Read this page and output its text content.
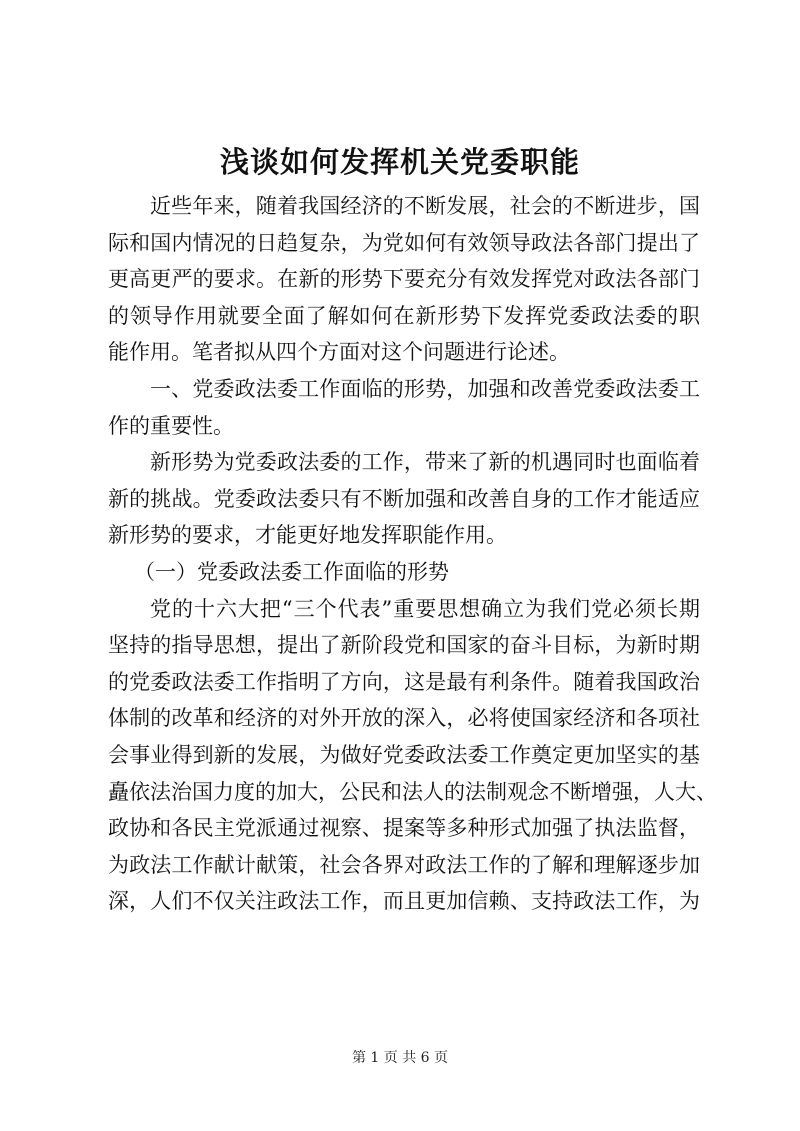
浅谈如何发挥机关党委职能
近些年来，随着我国经济的不断发展，社会的不断进步，国
际和国内情况的日趋复杂，为党如何有效领导政法各部门提出了
更高更严的要求。在新的形势下要充分有效发挥党对政法各部门
的领导作用就要全面了解如何在新形势下发挥党委政法委的职
能作用。笔者拟从四个方面对这个问题进行论述。
一、党委政法委工作面临的形势，加强和改善党委政法委工
作的重要性。
新形势为党委政法委的工作，带来了新的机遇同时也面临着
新的挑战。党委政法委只有不断加强和改善自身的工作才能适应
新形势的要求，才能更好地发挥职能作用。
（一）党委政法委工作面临的形势
党的十六大把“三个代表”重要思想确立为我们党必须长期
坚持的指导思想，提出了新阶段党和国家的奋斗目标，为新时期
的党委政法委工作指明了方向，这是最有利条件。随着我国政治
体制的改革和经济的对外开放的深入，必将使国家经济和各项社
会事业得到新的发展，为做好党委政法委工作奠定更加坚实的基
矗依法治国力度的加大，公民和法人的法制观念不断增强，人大、
政协和各民主党派通过视察、提案等多种形式加强了执法监督，
为政法工作献计献策，社会各界对政法工作的了解和理解逐步加
深，人们不仅关注政法工作，而且更加信赖、支持政法工作，为
第 1 页 共 6 页
